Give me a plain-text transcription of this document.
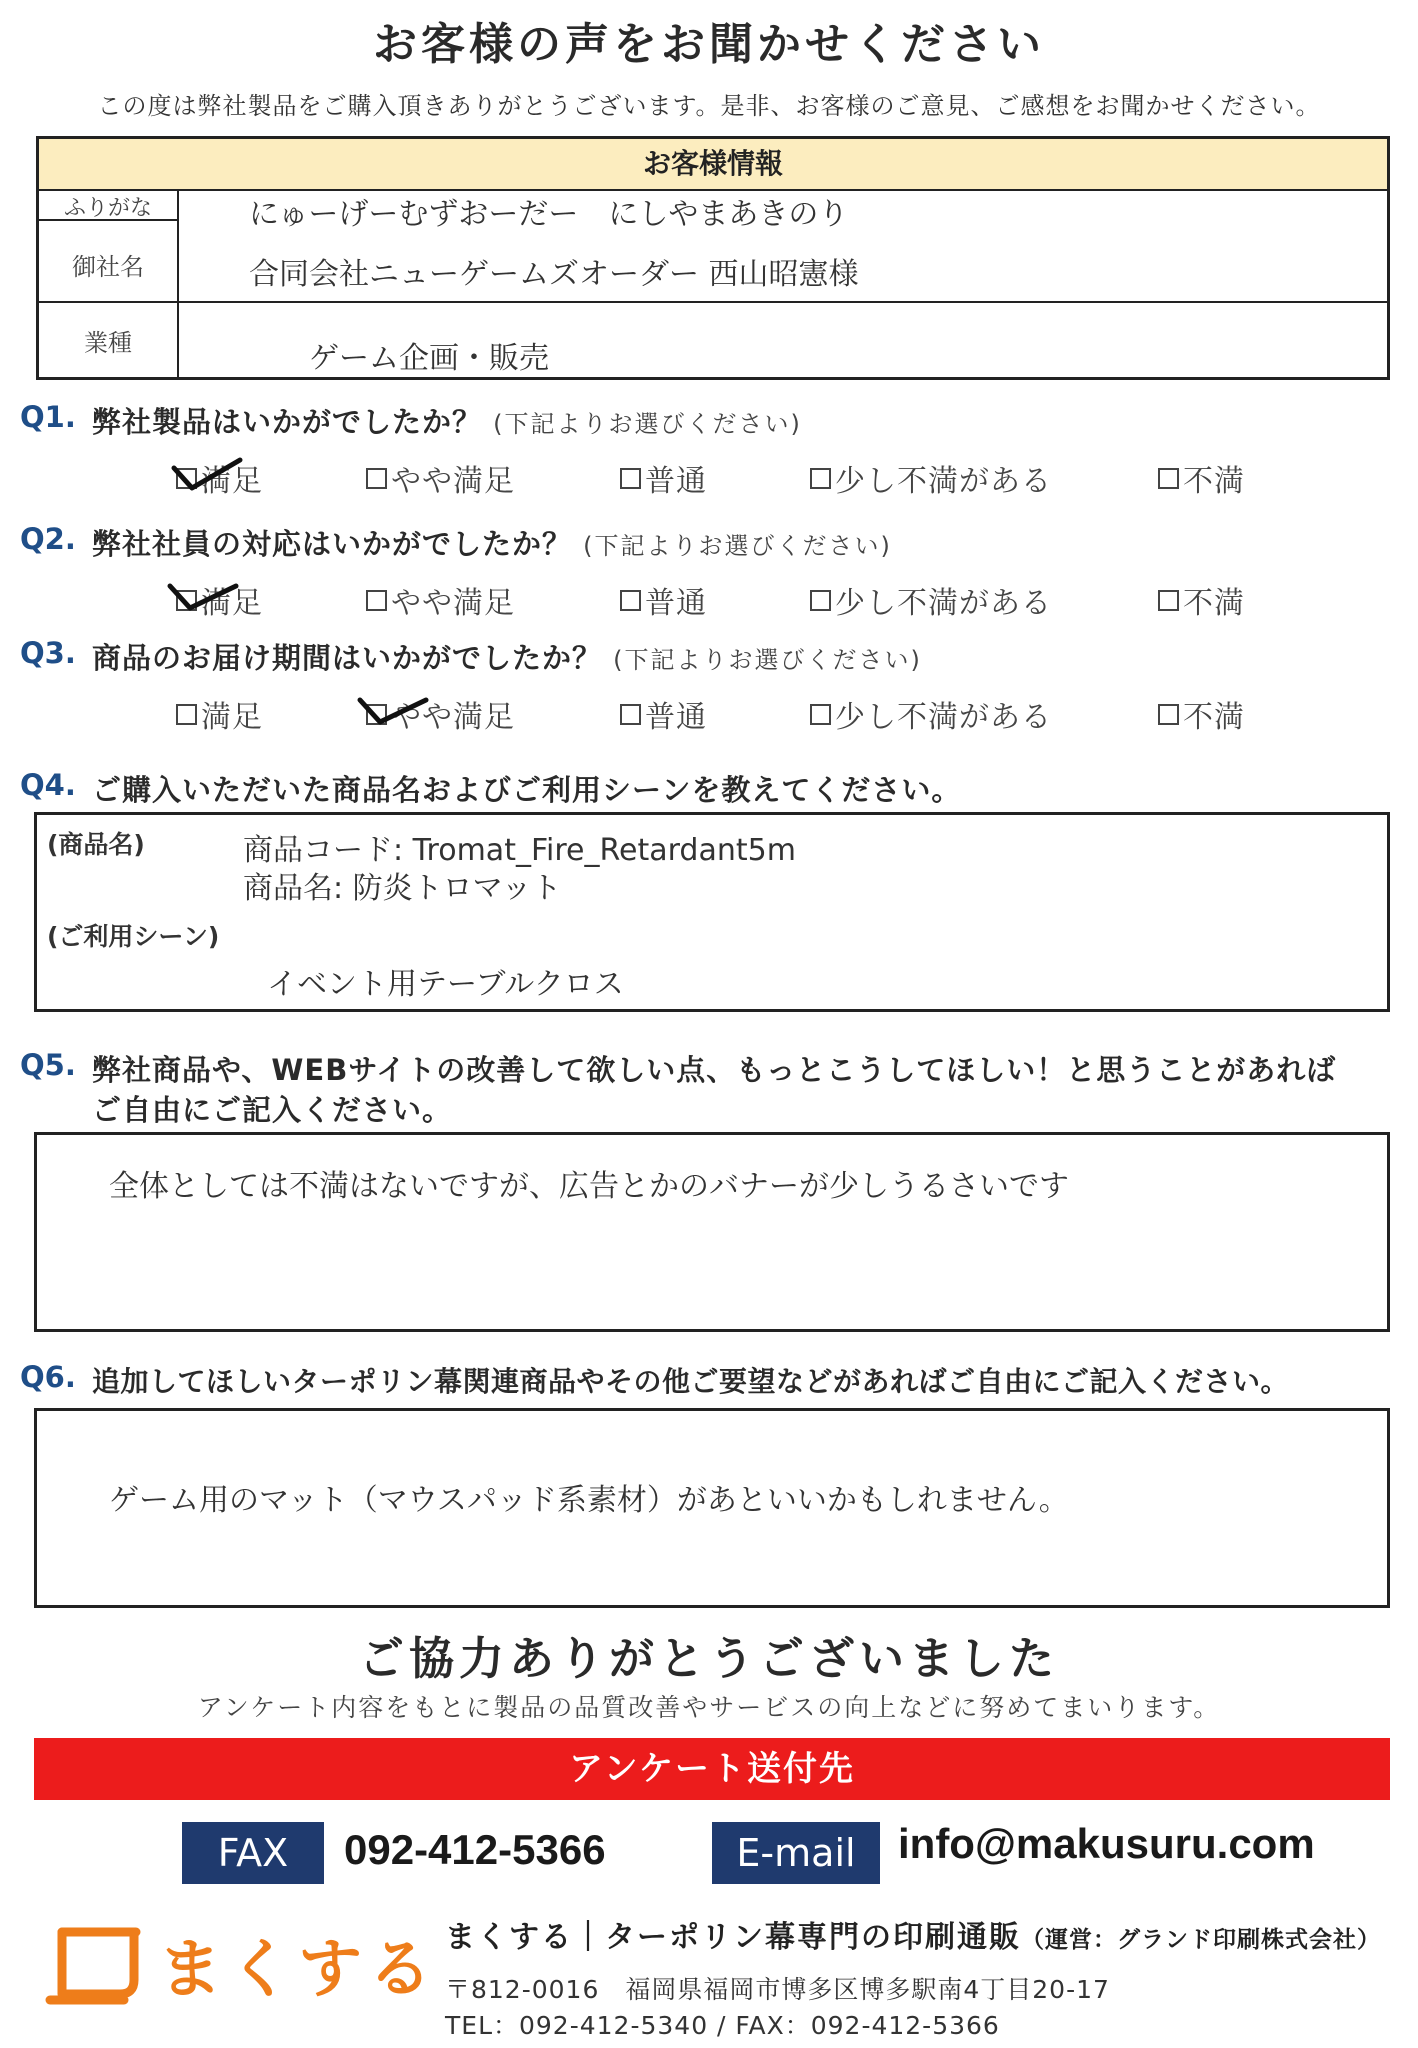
お客様の声をお聞かせください
この度は弊社製品をご購入頂きありがとうございます。是非、お客様のご意見、ご感想をお聞かせください。
お客様情報
ふりがな	にゅーげーむずおーだー　にしやまあきのり
御社名	合同会社ニューゲームズオーダー 西山昭憲様
業種	ゲーム企画・販売
Q1. 弊社製品はいかがでしたか？ (下記よりお選びください)
満足	やや満足	普通	少し不満がある	不満
Q2. 弊社社員の対応はいかがでしたか？ (下記よりお選びください)
満足	やや満足	普通	少し不満がある	不満
Q3. 商品のお届け期間はいかがでしたか？ (下記よりお選びください)
満足	やや満足	普通	少し不満がある	不満
Q4. ご購入いただいた商品名およびご利用シーンを教えてください。
(商品名)	商品コード: Tromat_Fire_Retardant5m
商品名: 防炎トロマット
(ご利用シーン)
イベント用テーブルクロス
Q5. 弊社商品や、WEBサイトの改善して欲しい点、もっとこうしてほしい！と思うことがあれば
ご自由にご記入ください。
全体としては不満はないですが、広告とかのバナーが少しうるさいです
Q6. 追加してほしいターポリン幕関連商品やその他ご要望などがあればご自由にご記入ください。
ゲーム用のマット（マウスパッド系素材）があといいかもしれません。
ご協力ありがとうございました
アンケート内容をもとに製品の品質改善やサービスの向上などに努めてまいります。
アンケート送付先
FAX	092-412-5366	E-mail	info@makusuru.com
まくする まくする｜ターポリン幕専門の印刷通販（運営：グランド印刷株式会社）
〒812-0016　福岡県福岡市博多区博多駅南4丁目20-17
TEL：092-412-5340 / FAX：092-412-5366
